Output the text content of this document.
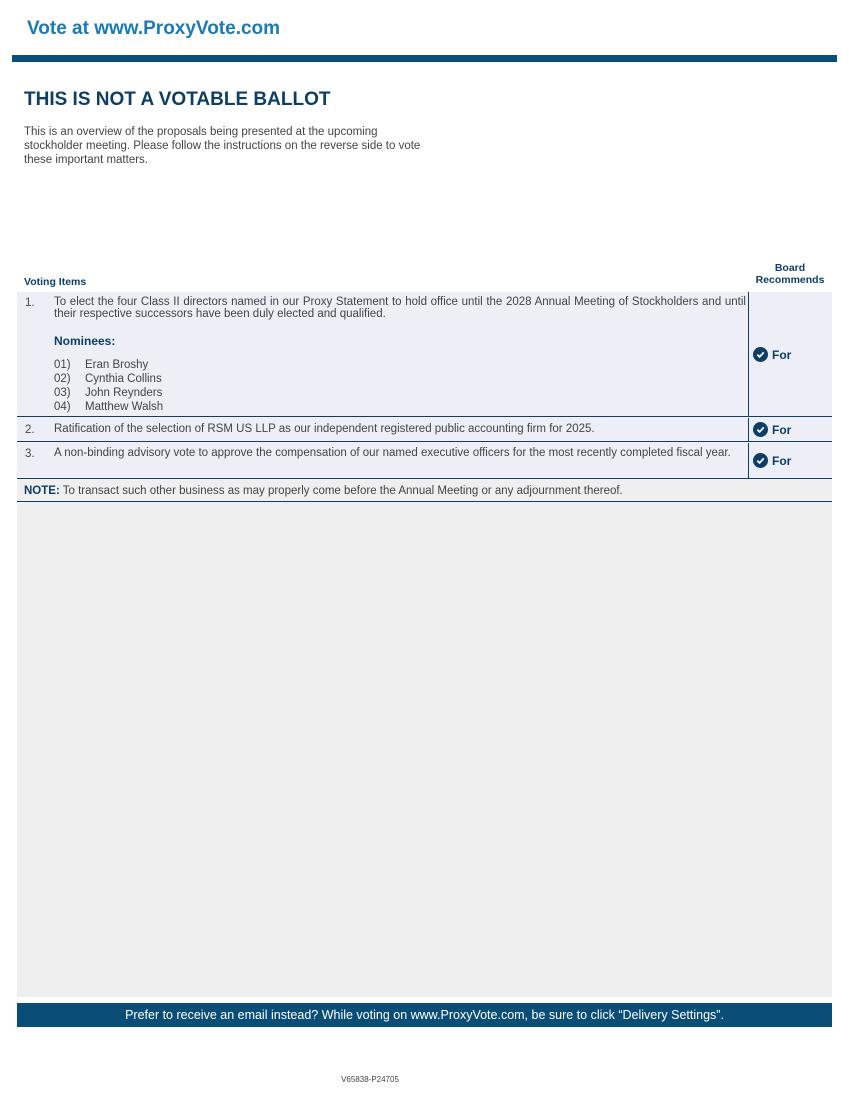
Vote at www.ProxyVote.com
THIS IS NOT A VOTABLE BALLOT

This is an overview of the proposals being presented at the upcoming stockholder meeting. Please follow the instructions on the reverse side to vote these important matters.

Voting Items
Board
Recommends
1. To elect the four Class II directors named in our Proxy Statement to hold office until the 2028 Annual Meeting of Stockholders and until their respective successors have been duly elected and qualified.

Nominees:
01) Eran Broshy
02) Cynthia Collins
03) John Reynders
04) Matthew Walsh
For
2. Ratification of the selection of RSM US LLP as our independent registered public accounting firm for 2025.	For
3. A non-binding advisory vote to approve the compensation of our named executive officers for the most recently completed fiscal year.

For

NOTE: To transact such other business as may properly come before the Annual Meeting or any adjournment thereof.

Prefer to receive an email instead? While voting on www.ProxyVote.com, be sure to click “Delivery Settings”.
V65838-P24705
